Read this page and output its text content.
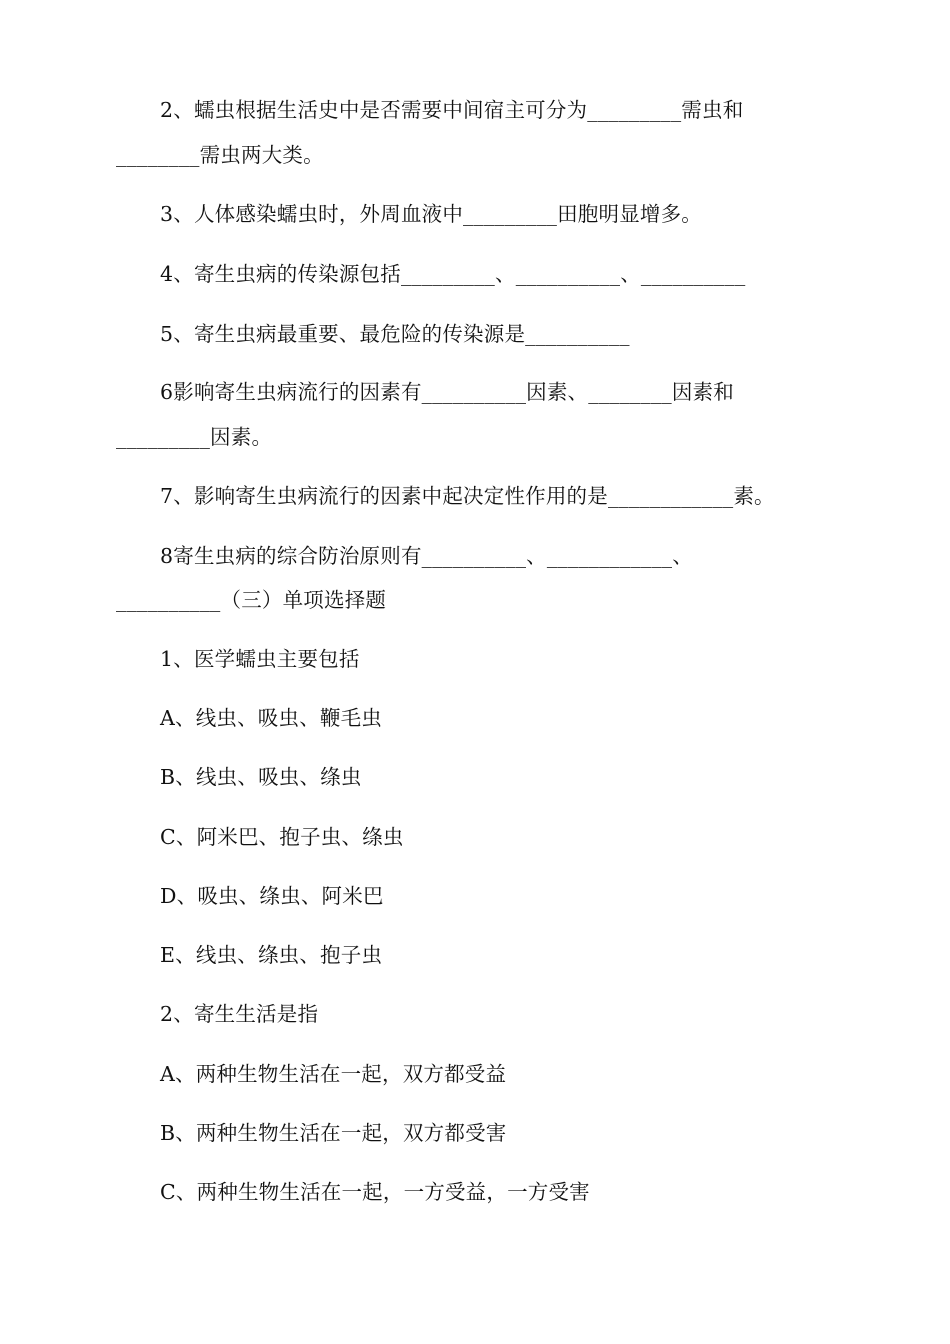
2、蠕虫根据生活史中是否需要中间宿主可分为_________需虫和
________需虫两大类。
3、人体感染蠕虫时，外周血液中_________田胞明显增多。
4、寄生虫病的传染源包括_________、__________、__________
5、寄生虫病最重要、最危险的传染源是__________
6影响寄生虫病流行的因素有__________因素、________因素和
_________因素。
7、影响寄生虫病流行的因素中起决定性作用的是____________素。
8寄生虫病的综合防治原则有__________、____________、
__________（三）单项选择题
1、医学蠕虫主要包括
A、线虫、吸虫、鞭毛虫
B、线虫、吸虫、绦虫
C、阿米巴、抱子虫、绦虫
D、吸虫、绦虫、阿米巴
E、线虫、绦虫、抱子虫
2、寄生生活是指
A、两种生物生活在一起，双方都受益
B、两种生物生活在一起，双方都受害
C、两种生物生活在一起，一方受益，一方受害
